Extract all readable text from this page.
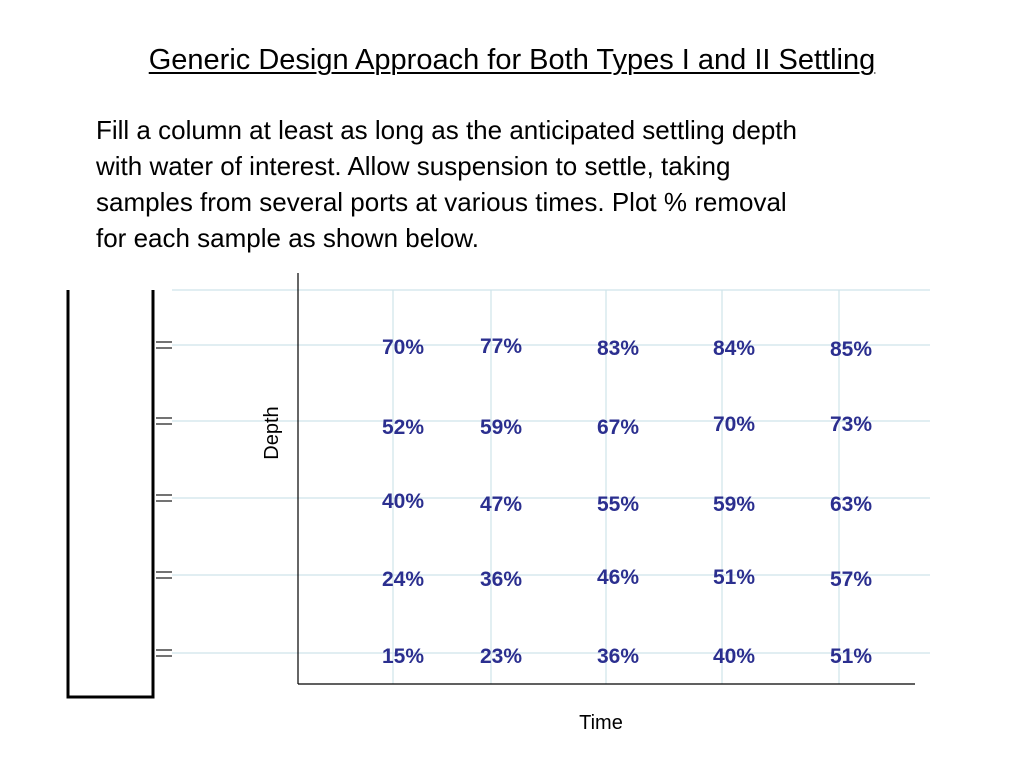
Generic Design Approach for Both Types I and II Settling
Fill a column at least as long as the anticipated settling depth
with water of interest. Allow suspension to settle, taking
samples from several ports at various times. Plot % removal
for each sample as shown below.
Depth
Time
70%	77%	83%	84%	85%
52%	59%	67%	70%	73%
40%	47%	55%	59%	63%
24%	36%	46%	51%	57%
15%	23%	36%	40%	51%
